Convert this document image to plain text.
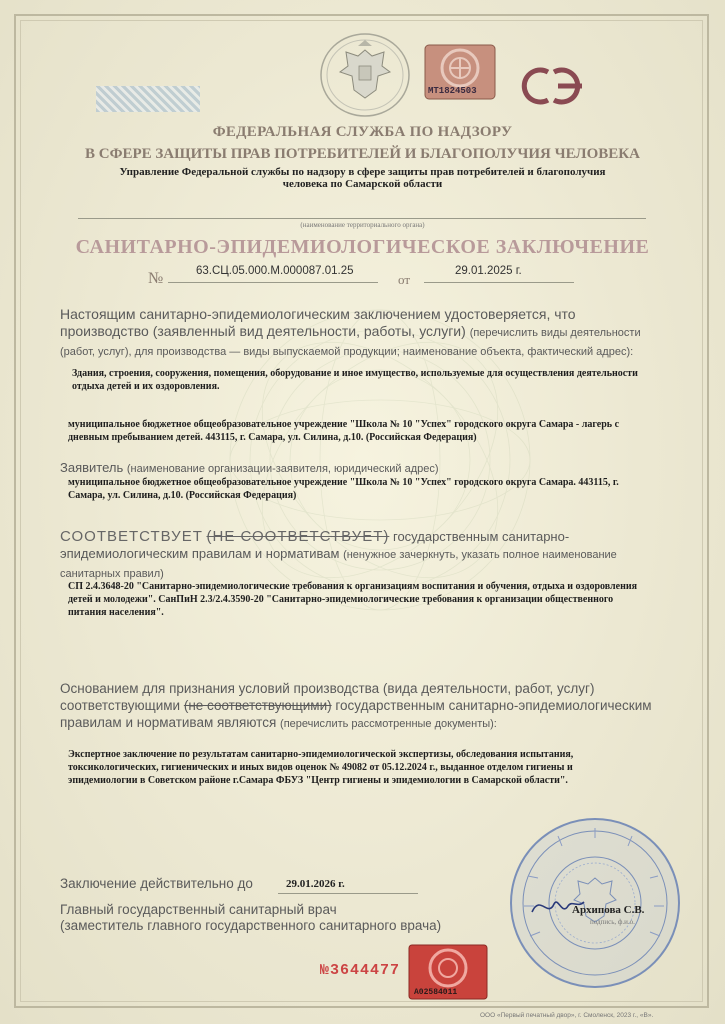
МТ1824503
ФЕДЕРАЛЬНАЯ СЛУЖБА ПО НАДЗОРУ
В СФЕРЕ ЗАЩИТЫ ПРАВ ПОТРЕБИТЕЛЕЙ И БЛАГОПОЛУЧИЯ ЧЕЛОВЕКА
Управление Федеральной службы по надзору в сфере защиты прав потребителей и благополучия человека по Самарской области
(наименование территориального органа)
САНИТАРНО-ЭПИДЕМИОЛОГИЧЕСКОЕ ЗАКЛЮЧЕНИЕ
№	63.СЦ.05.000.М.000087.01.25
от
29.01.2025 г.
Настоящим санитарно-эпидемиологическим заключением удостоверяется, что производство (заявленный вид деятельности, работы, услуги) (перечислить виды деятельности (работ, услуг), для производства — виды выпускаемой продукции; наименование объекта, фактический адрес):
Здания, строения, сооружения, помещения, оборудование и иное имущество, используемые для осуществления деятельности отдыха детей и их оздоровления.
муниципальное бюджетное общеобразовательное учреждение "Школа № 10 "Успех" городского округа Самара - лагерь с дневным пребыванием детей. 443115, г. Самара, ул. Силина, д.10. (Российская Федерация)
Заявитель (наименование организации-заявителя, юридический адрес)
муниципальное бюджетное общеобразовательное учреждение "Школа № 10 "Успех" городского округа Самара. 443115, г. Самара, ул. Силина, д.10. (Российская Федерация)
СООТВЕТСТВУЕТ (НЕ СООТВЕТСТВУЕТ) государственным санитарно-эпидемиологическим правилам и нормативам (ненужное зачеркнуть, указать полное наименование санитарных правил)
СП 2.4.3648-20 "Санитарно-эпидемиологические требования к организациям воспитания и обучения, отдыха и оздоровления детей и молодежи". СанПиН 2.3/2.4.3590-20 "Санитарно-эпидемиологические требования к организации общественного питания населения".
Основанием для признания условий производства (вида деятельности, работ, услуг) соответствующими (не соответствующими) государственным санитарно-эпидемиологическим правилам и нормативам являются (перечислить рассмотренные документы):
Экспертное заключение по результатам санитарно-эпидемиологической экспертизы, обследования испытания, токсикологических, гигиенических и иных видов оценок № 49082 от 05.12.2024 г., выданное отделом гигиены и эпидемиологии в Советском районе г.Самара ФБУЗ "Центр гигиены и эпидемиологии в Самарской области".
Заключение действительно до	29.01.2026 г.
Главный государственный санитарный врач
(заместитель главного государственного санитарного врача)
Архипова С.В.
подпись, ф.и.о.
№3644477
А02584011
ООО «Первый печатный двор», г. Смоленск, 2023 г., «В».
